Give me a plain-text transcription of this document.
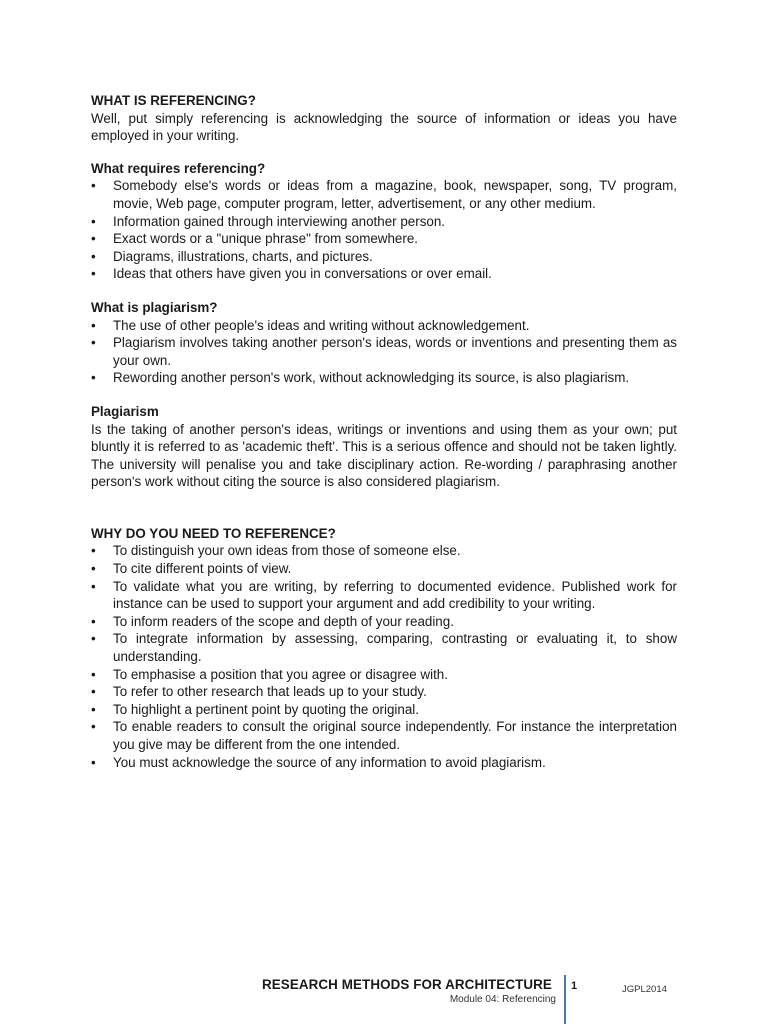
WHAT IS REFERENCING?

Well, put simply referencing is acknowledging the source of information or ideas you have employed in your writing.

What requires referencing?
• Somebody else's words or ideas from a magazine, book, newspaper, song, TV program, movie, Web page, computer program, letter, advertisement, or any other medium.
• Information gained through interviewing another person.
• Exact words or a "unique phrase" from somewhere.
• Diagrams, illustrations, charts, and pictures.
• Ideas that others have given you in conversations or over email.
What is plagiarism?
• The use of other people's ideas and writing without acknowledgement.
• Plagiarism involves taking another person's ideas, words or inventions and presenting them as your own.
• Rewording another person's work, without acknowledging its source, is also plagiarism.
Plagiarism

Is the taking of another person's ideas, writings or inventions and using them as your own; put bluntly it is referred to as 'academic theft'. This is a serious offence and should not be taken lightly. The university will penalise you and take disciplinary action. Re-wording / paraphrasing another person's work without citing the source is also considered plagiarism.

WHY DO YOU NEED TO REFERENCE?
• To distinguish your own ideas from those of someone else.
• To cite different points of view.
• To validate what you are writing, by referring to documented evidence. Published work for instance can be used to support your argument and add credibility to your writing.
• To inform readers of the scope and depth of your reading.
• To integrate information by assessing, comparing, contrasting or evaluating it, to show understanding.
• To emphasise a position that you agree or disagree with.
• To refer to other research that leads up to your study.
• To highlight a pertinent point by quoting the original.
• To enable readers to consult the original source independently. For instance the interpretation you give may be different from the one intended.
• You must acknowledge the source of any information to avoid plagiarism.
RESEARCH METHODS FOR ARCHITECTURE
Module 04: Referencing
1	JGPL2014
